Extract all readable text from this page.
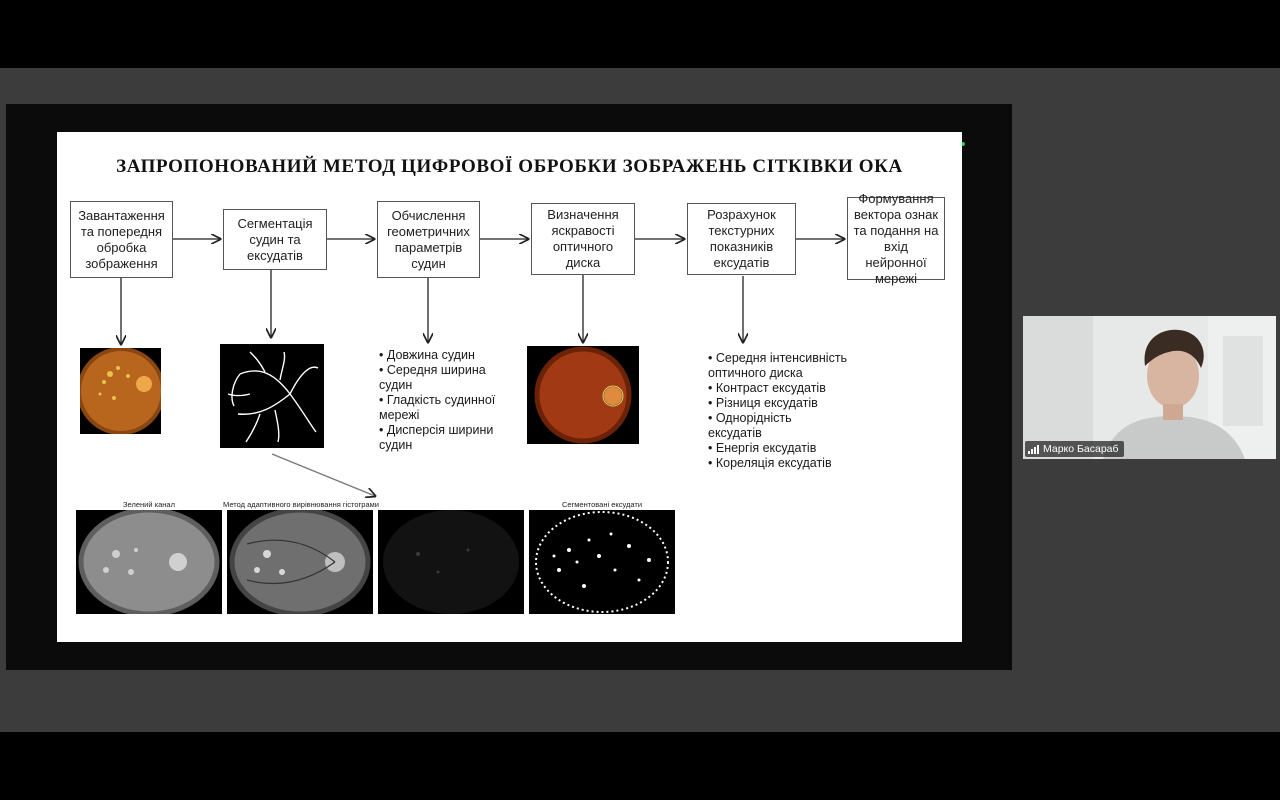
Марко Басараб
ЗАПРОПОНОВАНИЙ МЕТОД ЦИФРОВОЇ ОБРОБКИ ЗОБРАЖЕНЬ СІТКІВКИ ОКА
Завантаження та попередня обробка зображення
Сегментація судин та ексудатів
Обчислення геометричних параметрів судин
Визначення яскравості оптичного диска
Розрахунок текстурних показників ексудатів
Формування вектора ознак та подання на вхід нейронної мережі
• Довжина судин
• Середня ширина судин
• Гладкість судинної мережі
• Дисперсія ширини судин
• Середня інтенсивність оптичного диска
• Контраст ексудатів
• Різниця ексудатів
• Однорідність ексудатів
• Енергія ексудатів
• Кореляція ексудатів
Зелений канал	Метод адаптивного вирівнювання гістограми	Сегментовані ексудати
